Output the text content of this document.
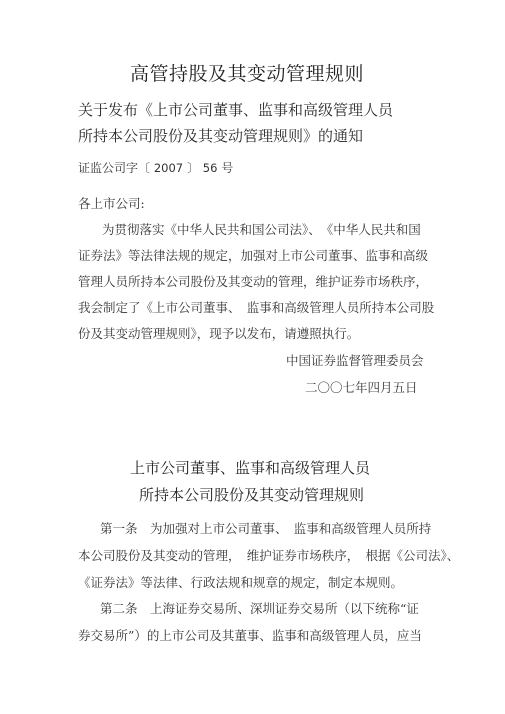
高管持股及其变动管理规则
关于发布《上市公司董事、监事和高级管理人员
所持本公司股份及其变动管理规则》的通知
证监公司字〔 2007 〕 56 号
各上市公司:
为贯彻落实《中华人民共和国公司法》、　《中华人民共和国
证券法》等法律法规的规定，加强对上市公司董事、监事和高级
管理人员所持本公司股份及其变动的管理，维护证券市场秩序，
我会制定了《上市公司董事、　监事和高级管理人员所持本公司股
份及其变动管理规则》，现予以发布，请遵照执行。
中国证券监督管理委员会
二〇〇七年四月五日
上市公司董事、监事和高级管理人员
所持本公司股份及其变动管理规则
第一条　为加强对上市公司董事、　监事和高级管理人员所持
本公司股份及其变动的管理，　维护证券市场秩序，　根据《公司法》、
《证券法》等法律、行政法规和规章的规定，制定本规则。
第二条　上海证券交易所、深圳证券交易所（以下统称“证
券交易所”）的上市公司及其董事、监事和高级管理人员，应当
